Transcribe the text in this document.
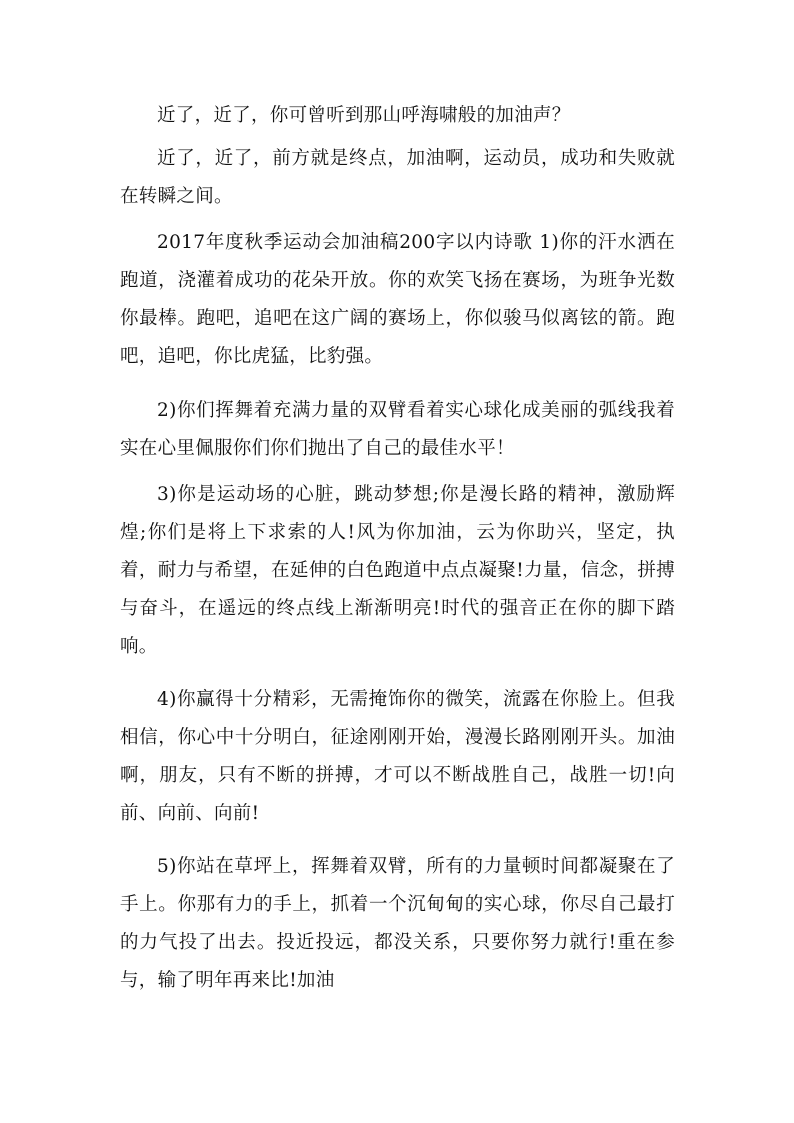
近了，近了，你可曾听到那山呼海啸般的加油声？

近了，近了，前方就是终点，加油啊，运动员，成功和失败就在转瞬之间。

2017年度秋季运动会加油稿200字以内诗歌 1)你的汗水洒在跑道，浇灌着成功的花朵开放。你的欢笑飞扬在赛场，为班争光数你最棒。跑吧，追吧在这广阔的赛场上，你似骏马似离铉的箭。跑吧，追吧，你比虎猛，比豹强。

2)你们挥舞着充满力量的双臂看着实心球化成美丽的弧线我着实在心里佩服你们你们抛出了自己的最佳水平！

3)你是运动场的心脏，跳动梦想;你是漫长路的精神，激励辉煌;你们是将上下求索的人!风为你加油，云为你助兴，坚定，执着，耐力与希望，在延伸的白色跑道中点点凝聚!力量，信念，拼搏与奋斗，在遥远的终点线上渐渐明亮!时代的强音正在你的脚下踏响。

4)你赢得十分精彩，无需掩饰你的微笑，流露在你脸上。但我相信，你心中十分明白，征途刚刚开始，漫漫长路刚刚开头。加油啊，朋友，只有不断的拼搏，才可以不断战胜自己，战胜一切!向前、向前、向前!

5)你站在草坪上，挥舞着双臂，所有的力量顿时间都凝聚在了手上。你那有力的手上，抓着一个沉甸甸的实心球，你尽自己最打的力气投了出去。投近投远，都没关系，只要你努力就行!重在参与，输了明年再来比!加油
